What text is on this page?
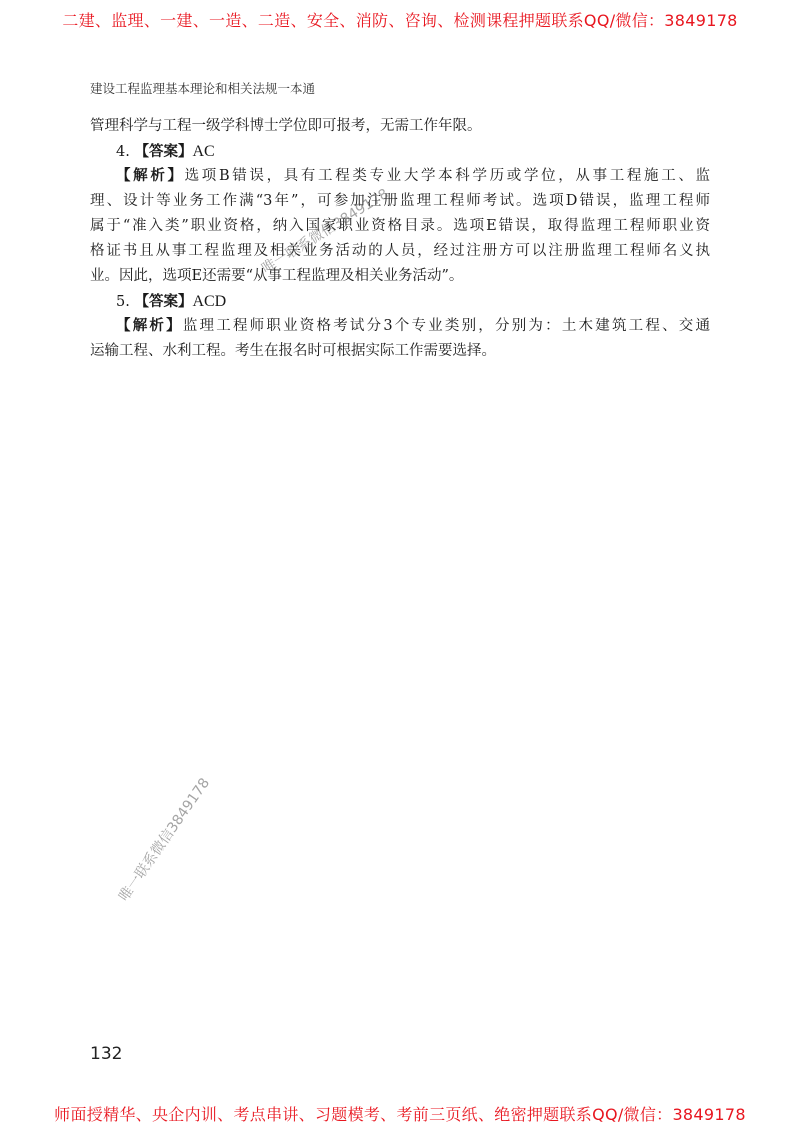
二建、监理、一建、一造、二造、安全、消防、咨询、检测课程押题联系QQ/微信：3849178
建设工程监理基本理论和相关法规一本通
管理科学与工程一级学科博士学位即可报考，无需工作年限。
4. 【答案】AC
【解析】选项B错误，具有工程类专业大学本科学历或学位，从事工程施工、监
理、设计等业务工作满“3年”，可参加注册监理工程师考试。选项D错误，监理工程师
属于“准入类”职业资格，纳入国家职业资格目录。选项E错误，取得监理工程师职业资
格证书且从事工程监理及相关业务活动的人员，经过注册方可以注册监理工程师名义执
业。因此，选项E还需要“从事工程监理及相关业务活动”。
5. 【答案】ACD
【解析】监理工程师职业资格考试分3个专业类别，分别为：土木建筑工程、交通
运输工程、水利工程。考生在报名时可根据实际工作需要选择。
唯一联系微信3849178
唯一联系微信3849178
132
师面授精华、央企内训、考点串讲、习题模考、考前三页纸、绝密押题联系QQ/微信：3849178
